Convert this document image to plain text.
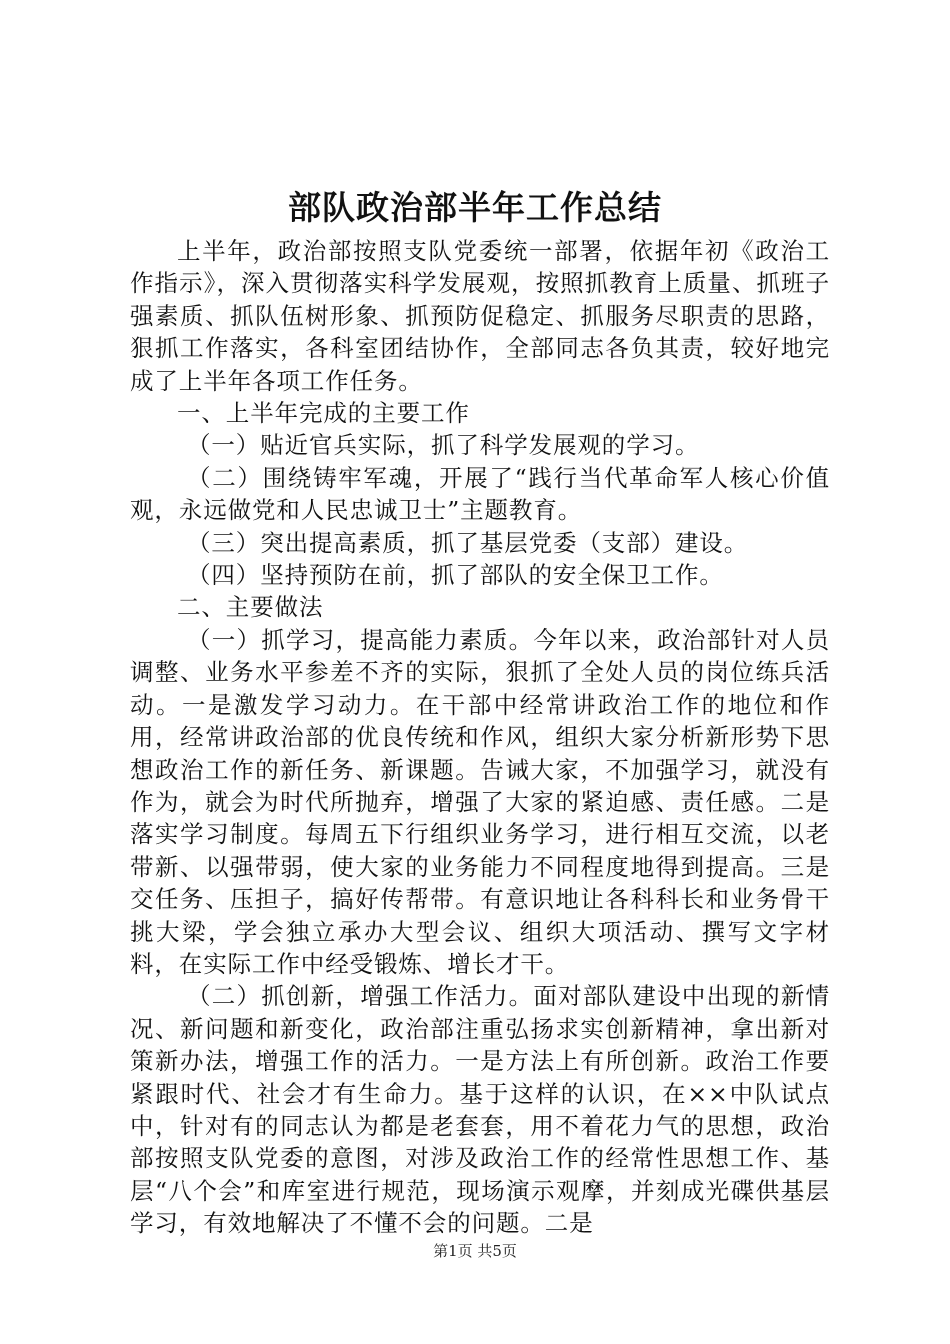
部队政治部半年工作总结

上半年，政治部按照支队党委统一部署，依据年初《政治工作指示》，深入贯彻落实科学发展观，按照抓教育上质量、抓班子强素质、抓队伍树形象、抓预防促稳定、抓服务尽职责的思路，狠抓工作落实，各科室团结协作，全部同志各负其责，较好地完成了上半年各项工作任务。

一、上半年完成的主要工作

（一）贴近官兵实际，抓了科学发展观的学习。

（二）围绕铸牢军魂，开展了“践行当代革命军人核心价值观，永远做党和人民忠诚卫士”主题教育。

（三）突出提高素质，抓了基层党委（支部）建设。

（四）坚持预防在前，抓了部队的安全保卫工作。

二、主要做法

（一）抓学习，提高能力素质。今年以来，政治部针对人员调整、业务水平参差不齐的实际，狠抓了全处人员的岗位练兵活动。一是激发学习动力。在干部中经常讲政治工作的地位和作用，经常讲政治部的优良传统和作风，组织大家分析新形势下思想政治工作的新任务、新课题。告诫大家，不加强学习，就没有作为，就会为时代所抛弃，增强了大家的紧迫感、责任感。二是落实学习制度。每周五下行组织业务学习，进行相互交流，以老带新、以强带弱，使大家的业务能力不同程度地得到提高。三是交任务、压担子，搞好传帮带。有意识地让各科科长和业务骨干挑大梁，学会独立承办大型会议、组织大项活动、撰写文字材料，在实际工作中经受锻炼、增长才干。

（二）抓创新，增强工作活力。面对部队建设中出现的新情况、新问题和新变化，政治部注重弘扬求实创新精神，拿出新对策新办法，增强工作的活力。一是方法上有所创新。政治工作要紧跟时代、社会才有生命力。基于这样的认识，在××中队试点中，针对有的同志认为都是老套套，用不着花力气的思想，政治部按照支队党委的意图，对涉及政治工作的经常性思想工作、基层“八个会”和库室进行规范，现场演示观摩，并刻成光碟供基层学习，有效地解决了不懂不会的问题。二是

第1页 共5页
